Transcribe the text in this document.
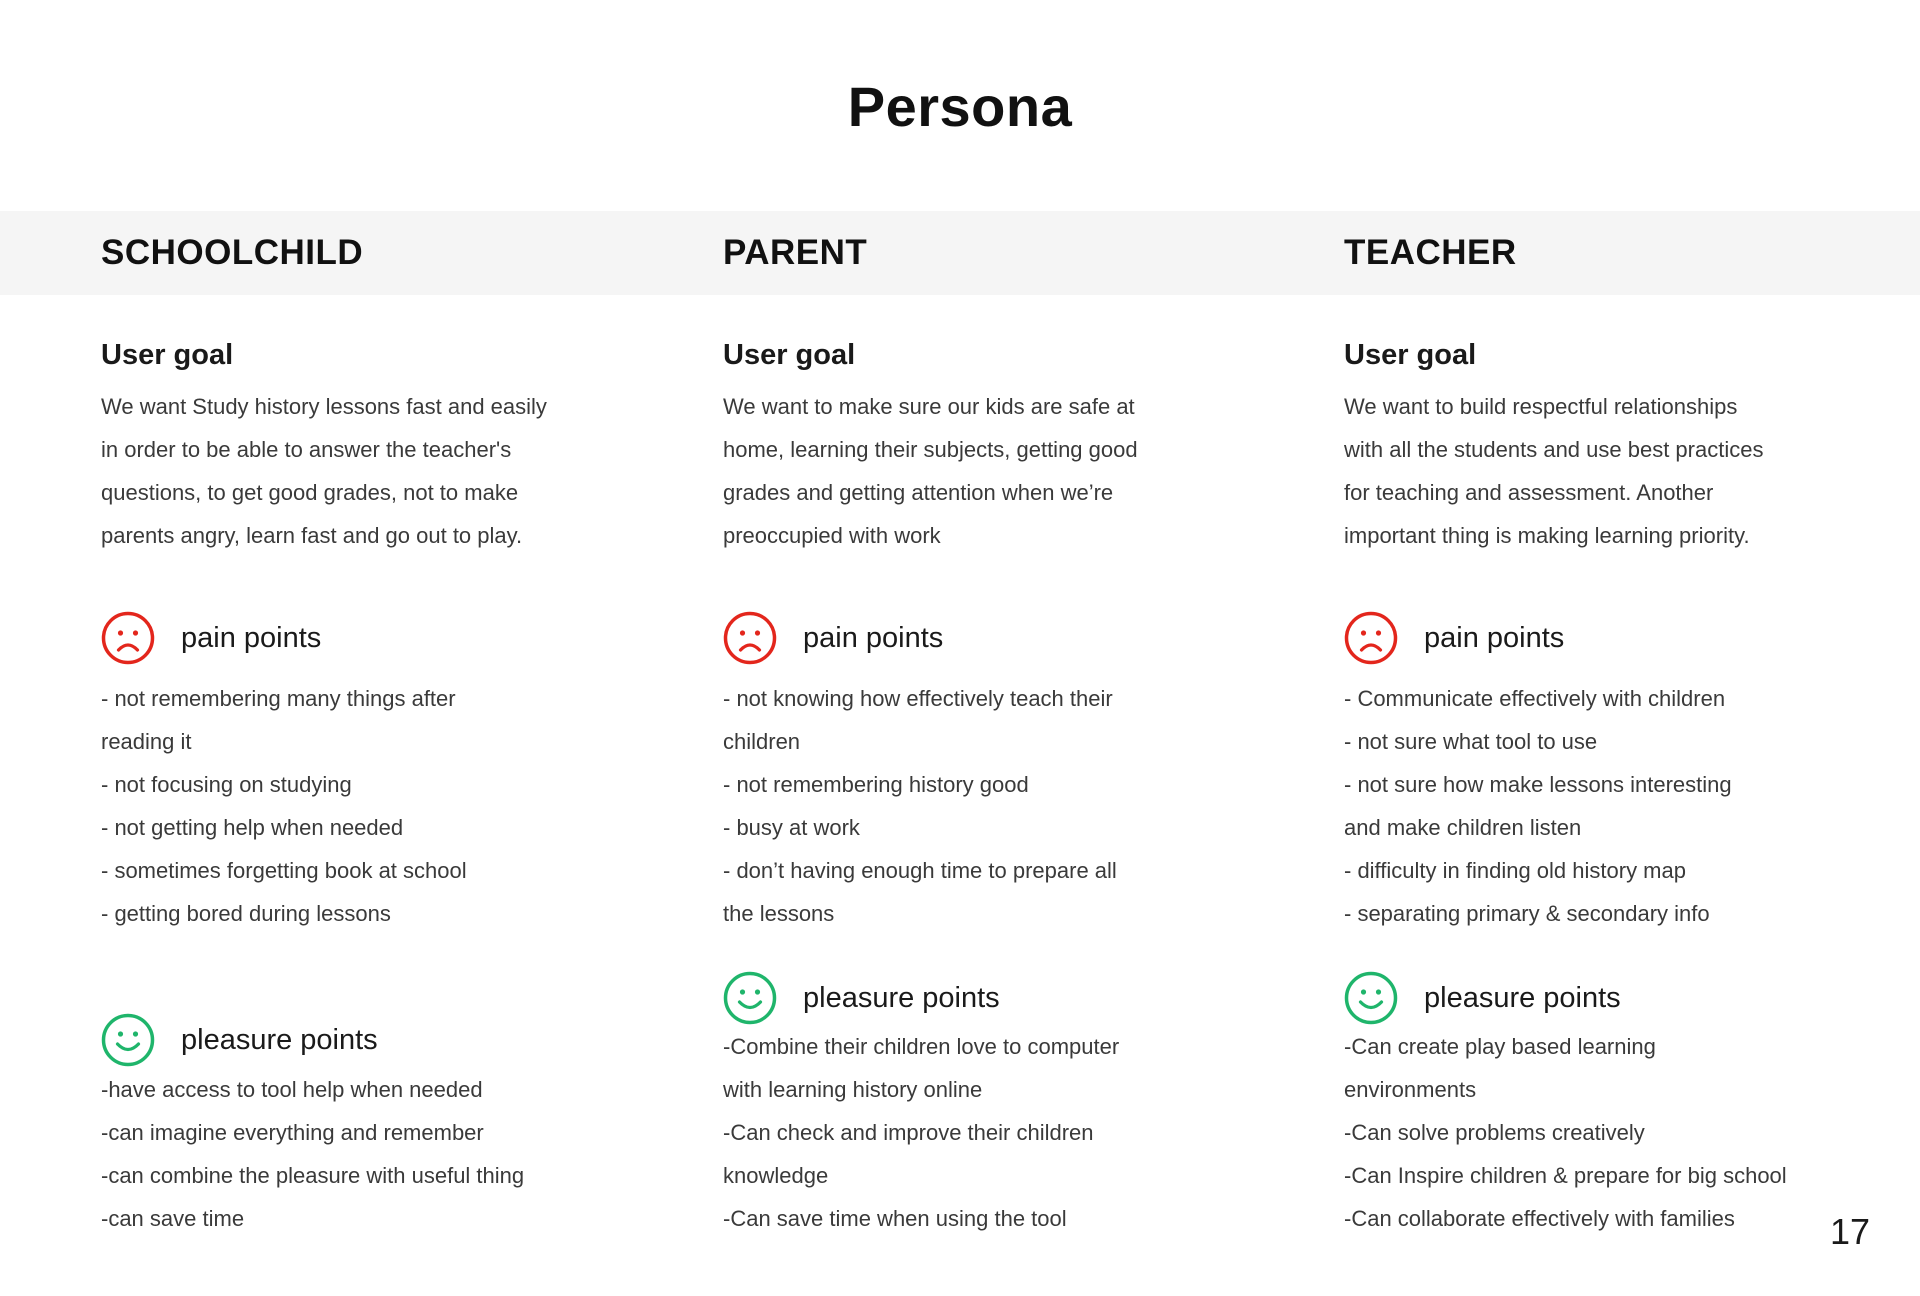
Persona
SCHOOLCHILD	PARENT	TEACHER
User goal

We want Study history lessons fast and easily

in order to be able to answer the teacher's

questions, to get good grades, not to make

parents angry, learn fast and go out to play.

pain points
- not remembering many things after
reading it
- not focusing on studying
- not getting help when needed
- sometimes forgetting book at school
- getting bored during lessons
pleasure points
-have access to tool help when needed
-can imagine everything and remember
-can combine the pleasure with useful thing
-can save time
User goal

We want to make sure our kids are safe at

home, learning their subjects, getting good

grades and getting attention when we’re

preoccupied with work

pain points
- not knowing how effectively teach their
children
- not remembering history good
- busy at work
- don’t having enough time to prepare all
the lessons
pleasure points
-Combine their children love to computer
with learning history online
-Can check and improve their children
knowledge
-Can save time when using the tool
User goal

We want to build respectful relationships

with all the students and use best practices

for teaching and assessment. Another

important thing is making learning priority.

pain points
- Communicate effectively with children
- not sure what tool to use
- not sure how make lessons interesting
and make children listen
- difficulty in finding old history map
- separating primary & secondary info
pleasure points
-Can create play based learning
environments
-Can solve problems creatively
-Can Inspire children & prepare for big school
-Can collaborate effectively with families	17
